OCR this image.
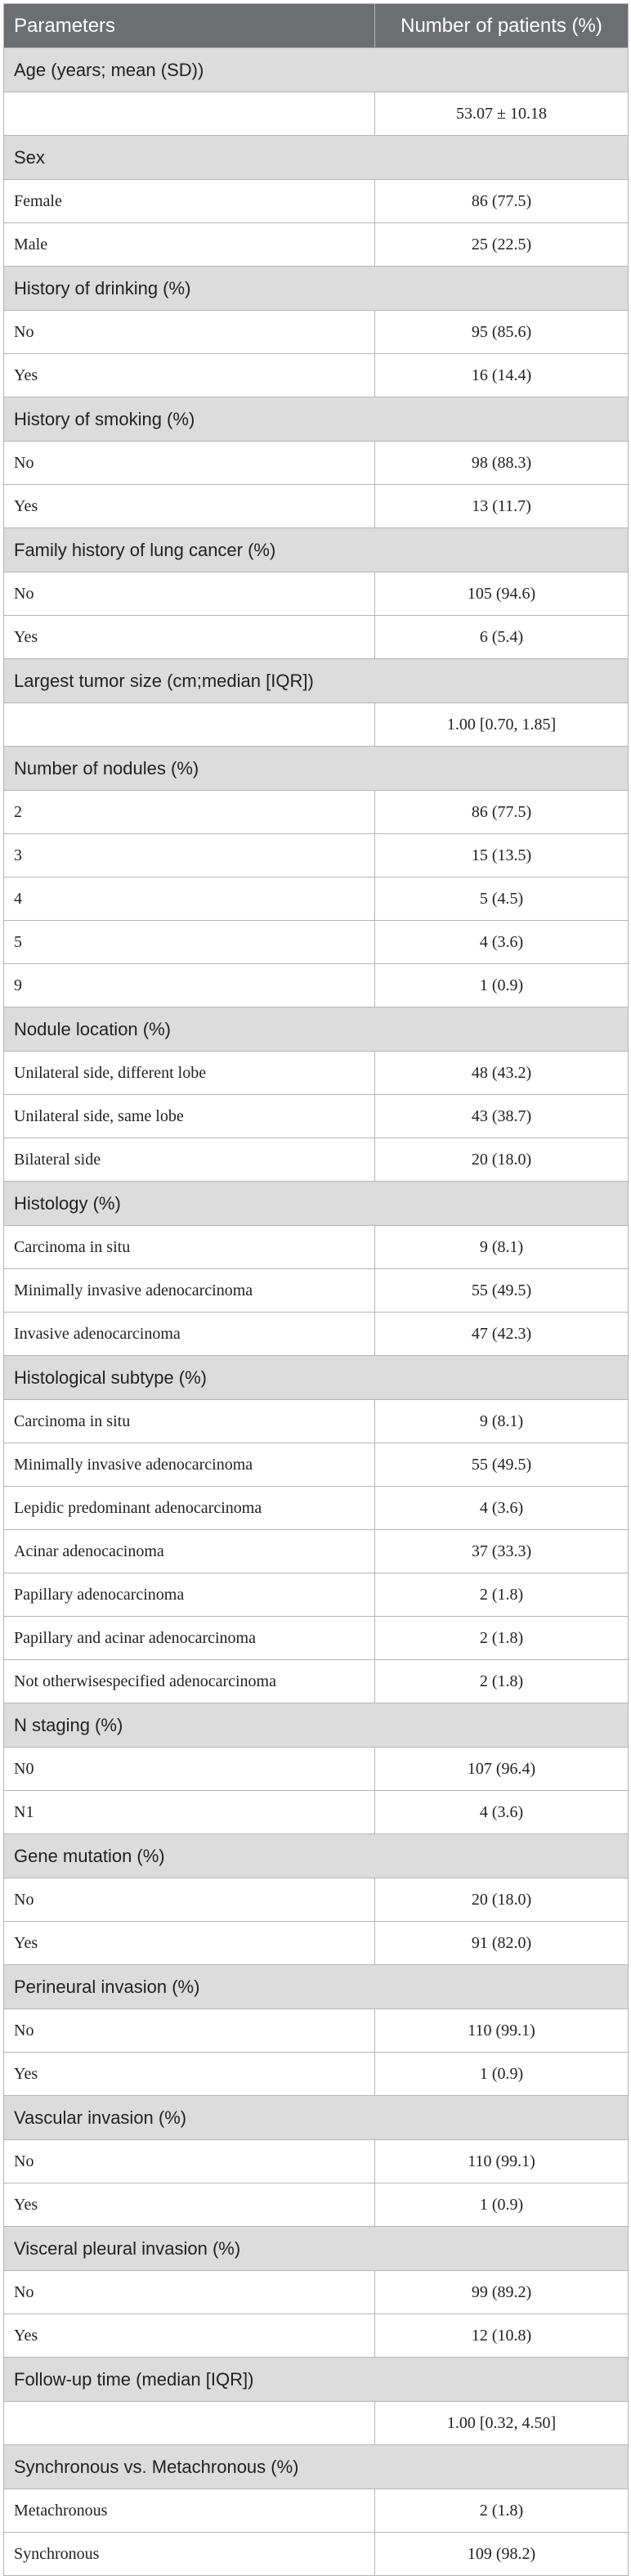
Parameters	Number of patients (%)
Age (years; mean (SD))	
	53.07 ± 10.18
Sex	
Female	86 (77.5)
Male	25 (22.5)
History of drinking (%)	
No	95 (85.6)
Yes	16 (14.4)
History of smoking (%)	
No	98 (88.3)
Yes	13 (11.7)
Family history of lung cancer (%)	
No	105 (94.6)
Yes	6 (5.4)
Largest tumor size (cm;median [IQR])	
	1.00 [0.70, 1.85]
Number of nodules (%)	
2	86 (77.5)
3	15 (13.5)
4	5 (4.5)
5	4 (3.6)
9	1 (0.9)
Nodule location (%)	
Unilateral side, different lobe	48 (43.2)
Unilateral side, same lobe	43 (38.7)
Bilateral side	20 (18.0)
Histology (%)	
Carcinoma in situ	9 (8.1)
Minimally invasive adenocarcinoma	55 (49.5)
Invasive adenocarcinoma	47 (42.3)
Histological subtype (%)	
Carcinoma in situ	9 (8.1)
Minimally invasive adenocarcinoma	55 (49.5)
Lepidic predominant adenocarcinoma	4 (3.6)
Acinar adenocacinoma	37 (33.3)
Papillary adenocarcinoma	2 (1.8)
Papillary and acinar adenocarcinoma	2 (1.8)
Not otherwisespecified adenocarcinoma	2 (1.8)
N staging (%)	
N0	107 (96.4)
N1	4 (3.6)
Gene mutation (%)	
No	20 (18.0)
Yes	91 (82.0)
Perineural invasion (%)	
No	110 (99.1)
Yes	1 (0.9)
Vascular invasion (%)	
No	110 (99.1)
Yes	1 (0.9)
Visceral pleural invasion (%)	
No	99 (89.2)
Yes	12 (10.8)
Follow-up time (median [IQR])	
	1.00 [0.32, 4.50]
Synchronous vs. Metachronous (%)	
Metachronous	2 (1.8)
Synchronous	109 (98.2)
